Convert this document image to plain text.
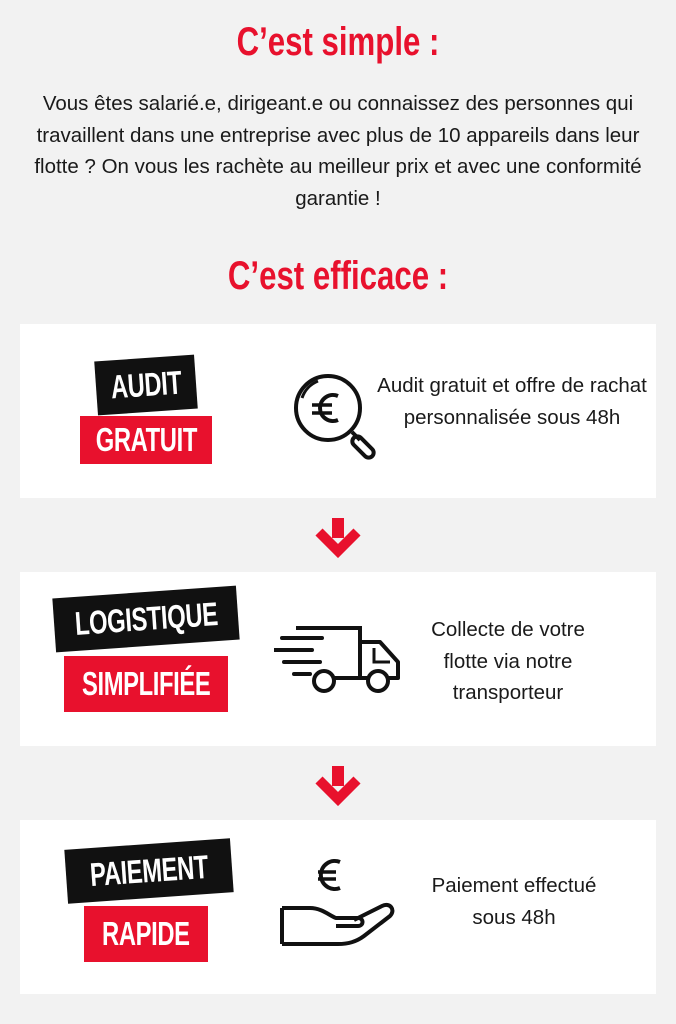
C’est simple :
Vous êtes salarié.e, dirigeant.e ou connaissez des personnes qui travaillent dans une entreprise avec plus de 10 appareils dans leur flotte ? On vous les rachète au meilleur prix et avec une conformité garantie !
C’est efficace :
AUDIT
GRATUIT
Audit gratuit et offre de rachat personnalisée sous 48h
LOGISTIQUE
SIMPLIFIÉE
Collecte de votre flotte via notre transporteur
PAIEMENT
RAPIDE
Paiement effectué sous 48h
